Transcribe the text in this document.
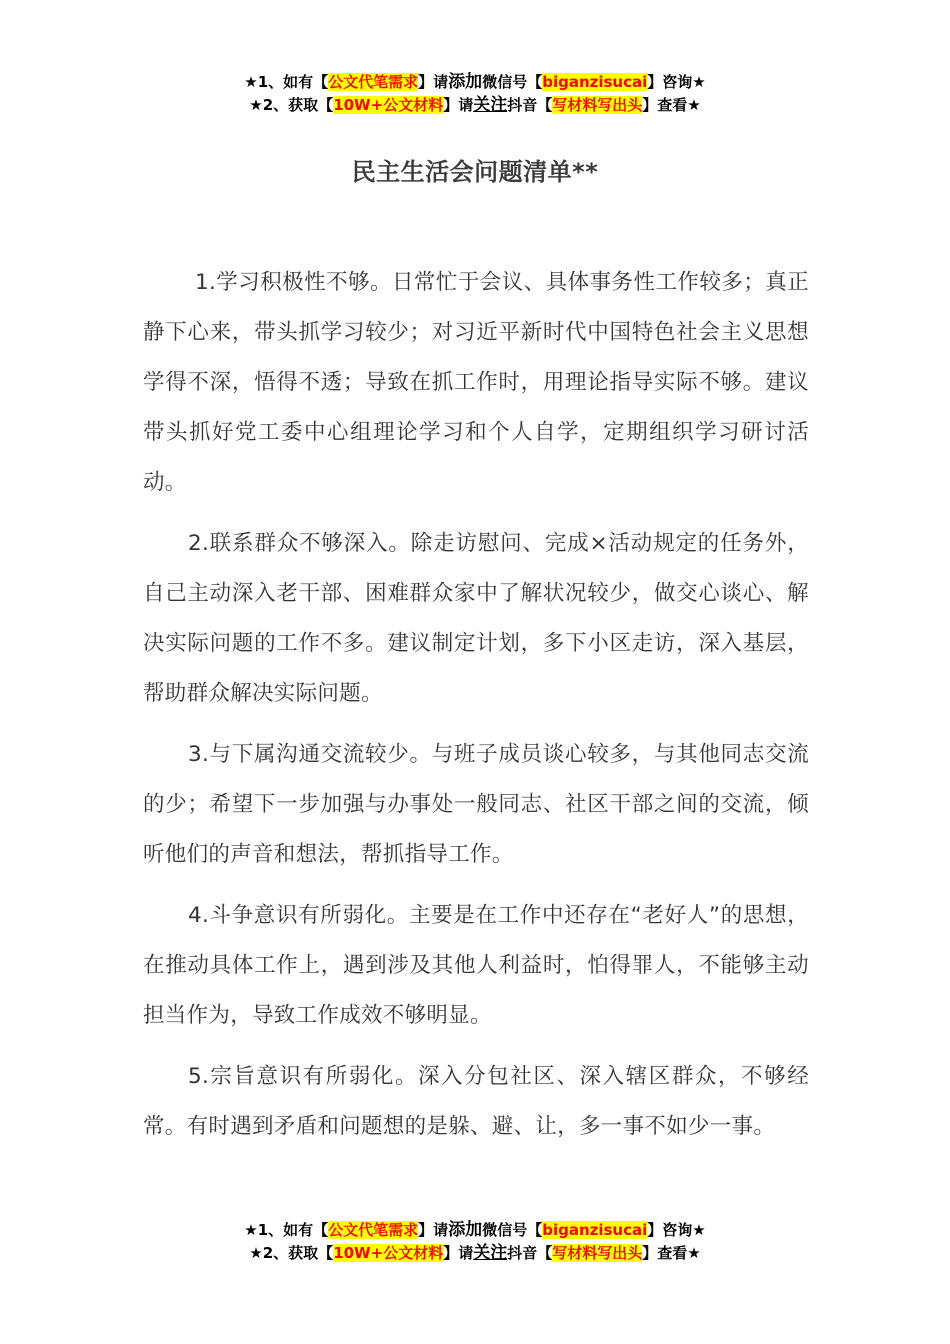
★1、如有【公文代笔需求】请添加微信号【biganzisucai】咨询★
★2、获取【10W+公文材料】请关注抖音【写材料写出头】查看★
民主生活会问题清单**

1.学习积极性不够。日常忙于会议、具体事务性工作较多；真正静下心来，带头抓学习较少；对习近平新时代中国特色社会主义思想学得不深，悟得不透；导致在抓工作时，用理论指导实际不够。建议带头抓好党工委中心组理论学习和个人自学，定期组织学习研讨活动。

2.联系群众不够深入。除走访慰问、完成×活动规定的任务外，自己主动深入老干部、困难群众家中了解状况较少，做交心谈心、解决实际问题的工作不多。建议制定计划，多下小区走访，深入基层，帮助群众解决实际问题。

3.与下属沟通交流较少。与班子成员谈心较多，与其他同志交流的少；希望下一步加强与办事处一般同志、社区干部之间的交流，倾听他们的声音和想法，帮抓指导工作。

4.斗争意识有所弱化。主要是在工作中还存在“老好人”的思想，在推动具体工作上，遇到涉及其他人利益时，怕得罪人，不能够主动担当作为，导致工作成效不够明显。

5.宗旨意识有所弱化。深入分包社区、深入辖区群众，不够经常。有时遇到矛盾和问题想的是躲、避、让，多一事不如少一事。

★1、如有【公文代笔需求】请添加微信号【biganzisucai】咨询★
★2、获取【10W+公文材料】请关注抖音【写材料写出头】查看★
